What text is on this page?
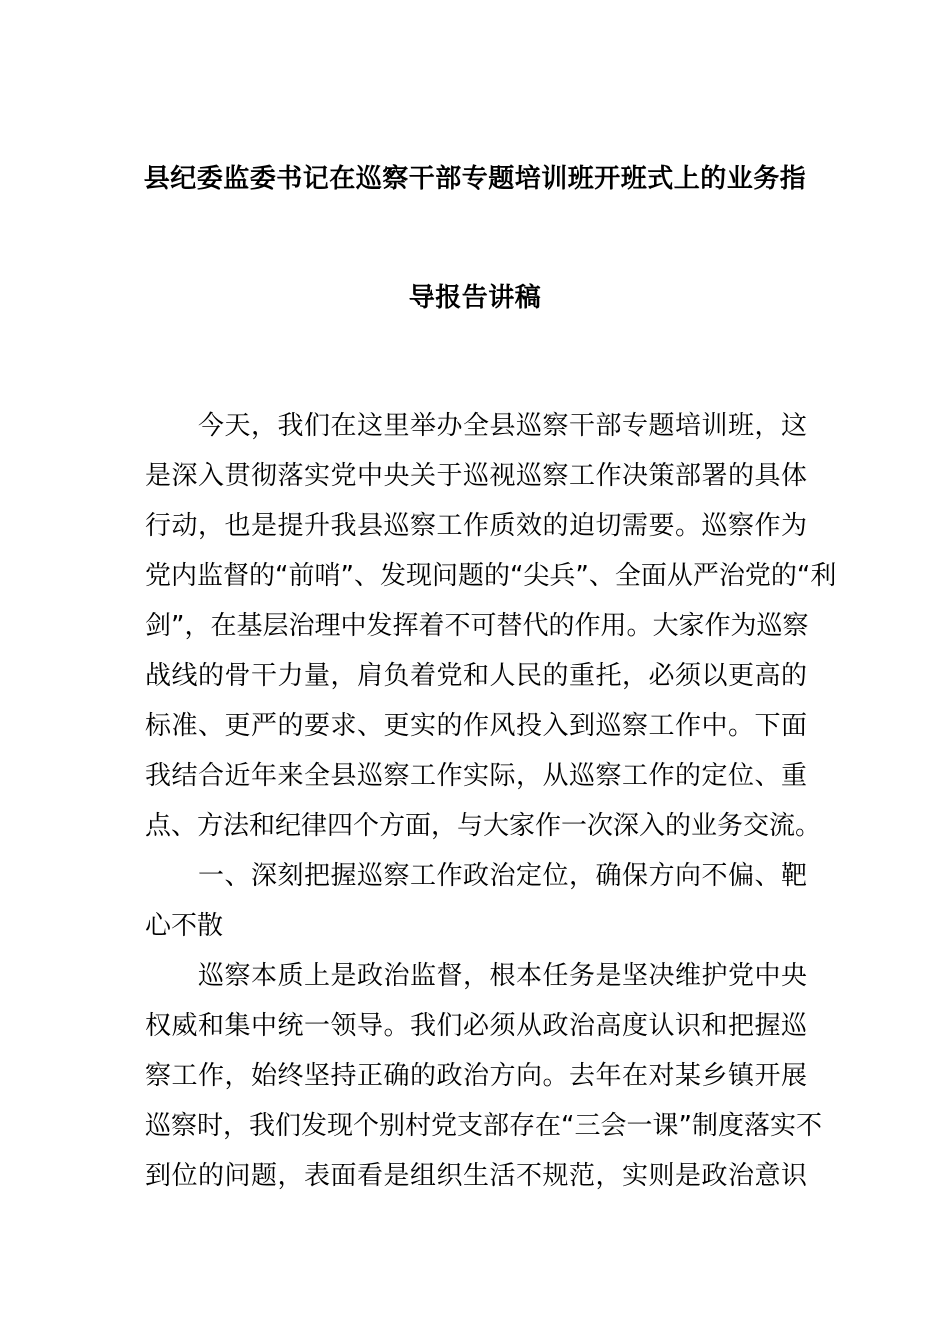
县纪委监委书记在巡察干部专题培训班开班式上的业务指
导报告讲稿
　　今天，我们在这里举办全县巡察干部专题培训班，这
是深入贯彻落实党中央关于巡视巡察工作决策部署的具体
行动，也是提升我县巡察工作质效的迫切需要。巡察作为
党内监督的“前哨”、发现问题的“尖兵”、全面从严治党的“利
剑”，在基层治理中发挥着不可替代的作用。大家作为巡察
战线的骨干力量，肩负着党和人民的重托，必须以更高的
标准、更严的要求、更实的作风投入到巡察工作中。下面
我结合近年来全县巡察工作实际，从巡察工作的定位、重
点、方法和纪律四个方面，与大家作一次深入的业务交流。
　　一、深刻把握巡察工作政治定位，确保方向不偏、靶
心不散
　　巡察本质上是政治监督，根本任务是坚决维护党中央
权威和集中统一领导。我们必须从政治高度认识和把握巡
察工作，始终坚持正确的政治方向。去年在对某乡镇开展
巡察时，我们发现个别村党支部存在“三会一课”制度落实不
到位的问题，表面看是组织生活不规范，实则是政治意识
